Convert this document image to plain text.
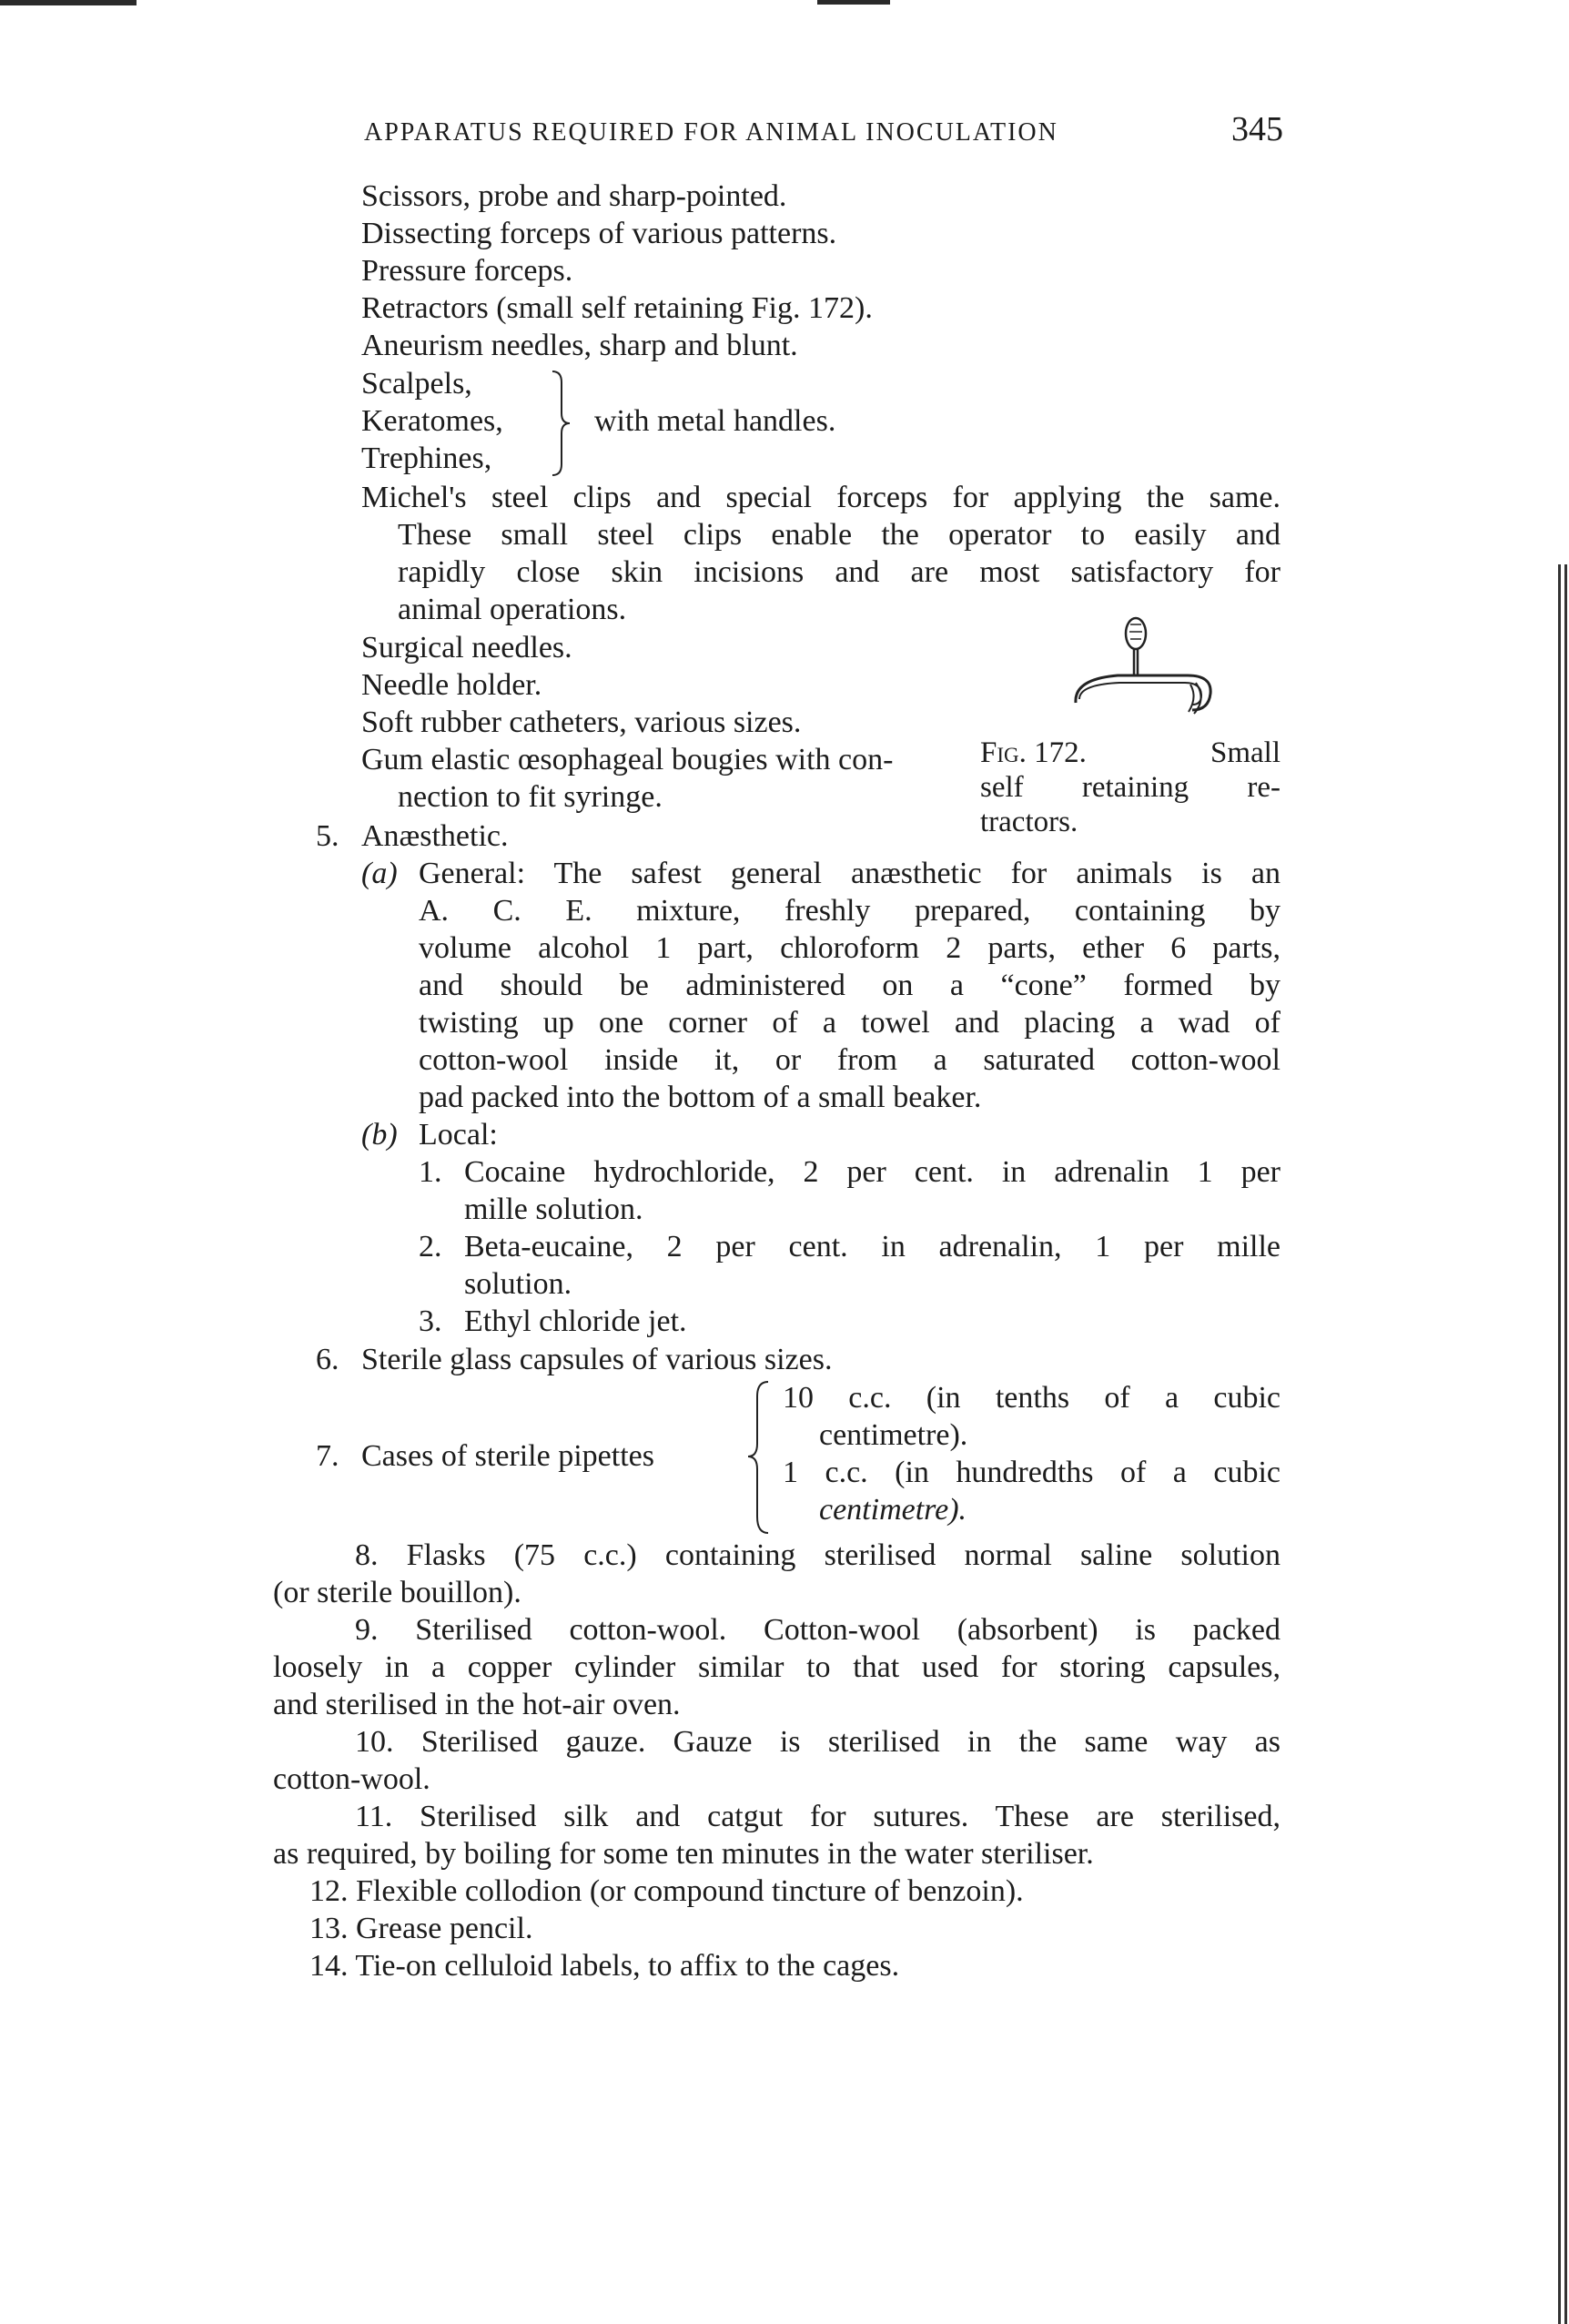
APPARATUS REQUIRED FOR ANIMAL INOCULATION	345
Scissors, probe and sharp-pointed.
Dissecting forceps of various patterns.
Pressure forceps.
Retractors (small self retaining Fig. 172).
Aneurism needles, sharp and blunt.
Scalpels,
Keratomes,
Trephines,
with metal handles.
Michel's steel clips and special forceps for applying the same.
These small steel clips enable the operator to easily and
rapidly close skin incisions and are most satisfactory for
animal operations.
Surgical needles.
Needle holder.
Soft rubber catheters, various sizes.
Gum elastic œsophageal bougies with con-
nection to fit syringe.
Fig. 172.	Small
self retaining re-
tractors.
5. Anæsthetic.
(a) General: The safest general anæsthetic for animals is an
A. C. E. mixture, freshly prepared, containing by
volume alcohol 1 part, chloroform 2 parts, ether 6 parts,
and should be administered on a “cone” formed by
twisting up one corner of a towel and placing a wad of
cotton-wool inside it, or from a saturated cotton-wool
pad packed into the bottom of a small beaker.
(b) Local:
1. Cocaine hydrochloride, 2 per cent. in adrenalin 1 per
mille solution.
2. Beta-eucaine, 2 per cent. in adrenalin, 1 per mille
solution.
3. Ethyl chloride jet.
6. Sterile glass capsules of various sizes.
7. Cases of sterile pipettes
10 c.c. (in tenths of a cubic
centimetre).
1 c.c. (in hundredths of a cubic
centimetre).
8. Flasks (75 c.c.) containing sterilised normal saline solution
(or sterile bouillon).
9. Sterilised cotton-wool. Cotton-wool (absorbent) is packed
loosely in a copper cylinder similar to that used for storing capsules,
and sterilised in the hot-air oven.
10. Sterilised gauze. Gauze is sterilised in the same way as
cotton-wool.
11. Sterilised silk and catgut for sutures. These are sterilised,
as required, by boiling for some ten minutes in the water steriliser.
12. Flexible collodion (or compound tincture of benzoin).
13. Grease pencil.
14. Tie-on celluloid labels, to affix to the cages.
